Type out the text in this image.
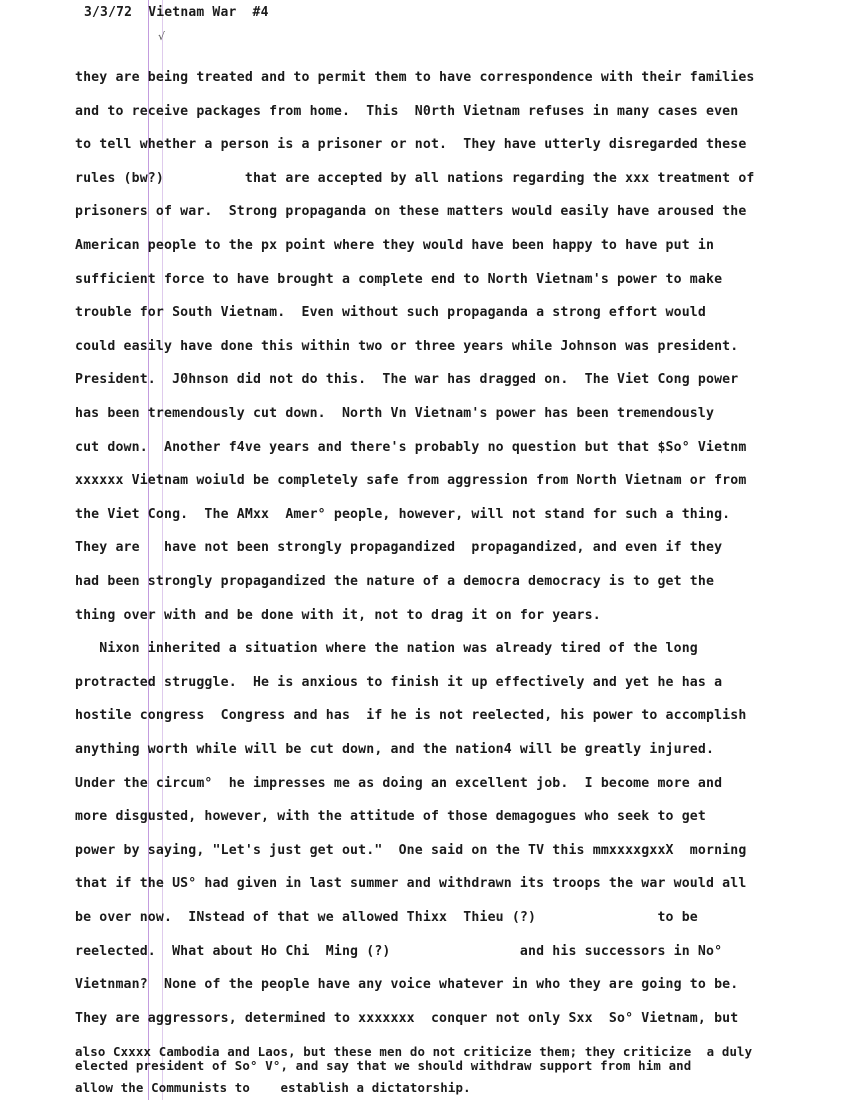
3/3/72  Vietnam War  #4
√
they are being treated and to permit them to have correspondence with their families
and to receive packages from home.  This  N0rth Vietnam refuses in many cases even
to tell whether a person is a prisoner or not.  They have utterly disregarded these
rules (bw?)          that are accepted by all nations regarding the xxx treatment of
prisoners of war.  Strong propaganda on these matters would easily have aroused the
American people to the px point where they would have been happy to have put in
sufficient force to have brought a complete end to North Vietnam's power to make
trouble for South Vietnam.  Even without such propaganda a strong effort would
could easily have done this within two or three years while Johnson was president.
President.  J0hnson did not do this.  The war has dragged on.  The Viet Cong power
has been tremendously cut down.  North Vn Vietnam's power has been tremendously
cut down.  Another f4ve years and there's probably no question but that $So° Vietnm
xxxxxx Vietnam woiuld be completely safe from aggression from North Vietnam or from
the Viet Cong.  The AMxx  Amer° people, however, will not stand for such a thing.
They are   have not been strongly propagandized  propagandized, and even if they
had been strongly propagandized the nature of a democra democracy is to get the
thing over with and be done with it, not to drag it on for years.
Nixon inherited a situation where the nation was already tired of the long
protracted struggle.  He is anxious to finish it up effectively and yet he has a
hostile congress  Congress and has  if he is not reelected, his power to accomplish
anything worth while will be cut down, and the nation4 will be greatly injured.
Under the circum°  he impresses me as doing an excellent job.  I become more and
more disgusted, however, with the attitude of those demagogues who seek to get
power by saying, "Let's just get out."  One said on the TV this mmxxxxgxxX  morning
that if the US° had given in last summer and withdrawn its troops the war would all
be over now.  INstead of that we allowed Thixx  Thieu (?)               to be
reelected.  What about Ho Chi  Ming (?)                and his successors in No°
Vietnman?  None of the people have any voice whatever in who they are going to be.
They are aggressors, determined to xxxxxxx  conquer not only Sxx  So° Vietnam, but
also Cxxxx Cambodia and Laos, but these men do not criticize them; they criticize  a duly
elected president of So° V°, and say that we should withdraw support from him and
allow the Communists to    establish a dictatorship.
